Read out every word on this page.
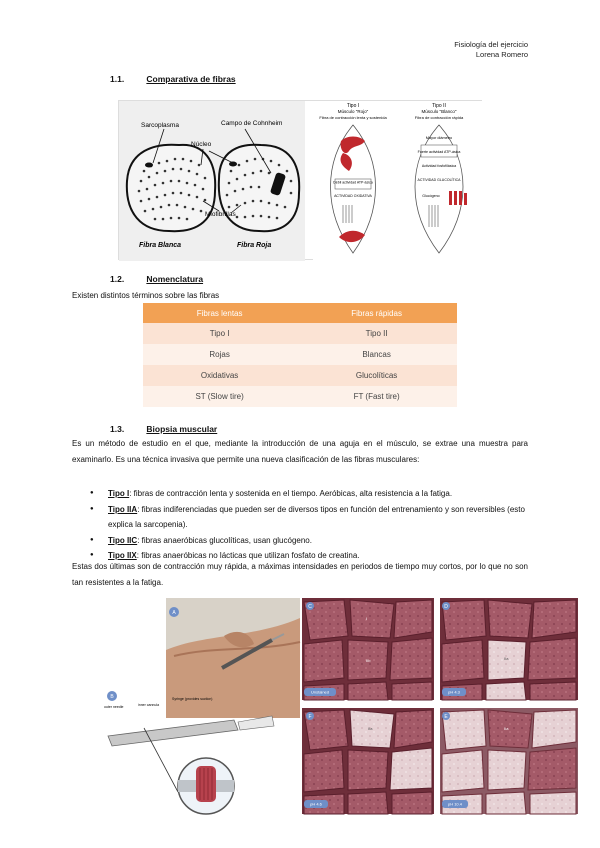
Fisiología del ejercicio
Lorena Romero
1.1.	Comparativa de fibras
Sarcoplasma	Campo de Cohnheim
Núcleo
Miofibrillas
Fibra Blanca	Fibra Roja
Tipo I
Músculo "Rojo"
Fibra de contracción lenta y sostenida
Tipo II
Músculo "Blanco"
Fibra de contracción rápida
Débil actividad ATP-ásica
ACTIVIDAD OXIDATIVA
Mayor diámetro
Fuerte actividad ATP-ásica
Actividad fosfofilásica
ACTIVIDAD GLUCOLÍTICA
Glucógeno
1.2.	Nomenclatura
Existen distintos términos sobre las fibras
Fibras lentas	Fibras rápidas
Tipo I	Tipo II
Rojas	Blancas
Oxidativas	Glucolíticas
ST (Slow tire)	FT (Fast tire)
1.3.	Biopsia muscular
Es un método de estudio en el que, mediante la introducción de una aguja en el músculo, se extrae una muestra para examinarlo. Es una técnica invasiva que permite una nueva clasificación de las fibras musculares:
● Tipo I: fibras de contracción lenta y sostenida en el tiempo. Aeróbicas, alta resistencia a la fatiga.
● Tipo IIA: fibras indiferenciadas que pueden ser de diversos tipos en función del entrenamiento y son reversibles (esto explica la sarcopenia).
● Tipo IIC: fibras anaeróbicas glucolíticas, usan glucógeno.
● Tipo IIX: fibras anaeróbicas no lácticas que utilizan fosfato de creatina.
Estas dos últimas son de contracción muy rápida, a máximas intensidades en periodos de tiempo muy cortos, por lo que no son tan resistentes a la fatiga.
A
B
outer needle	inner cannula
Syringe (provides suction)
I
IIb
C
Unstained
IIa
D
pH 4.3
IIa
F
pH 4.6
IIa
E
pH 10.4
